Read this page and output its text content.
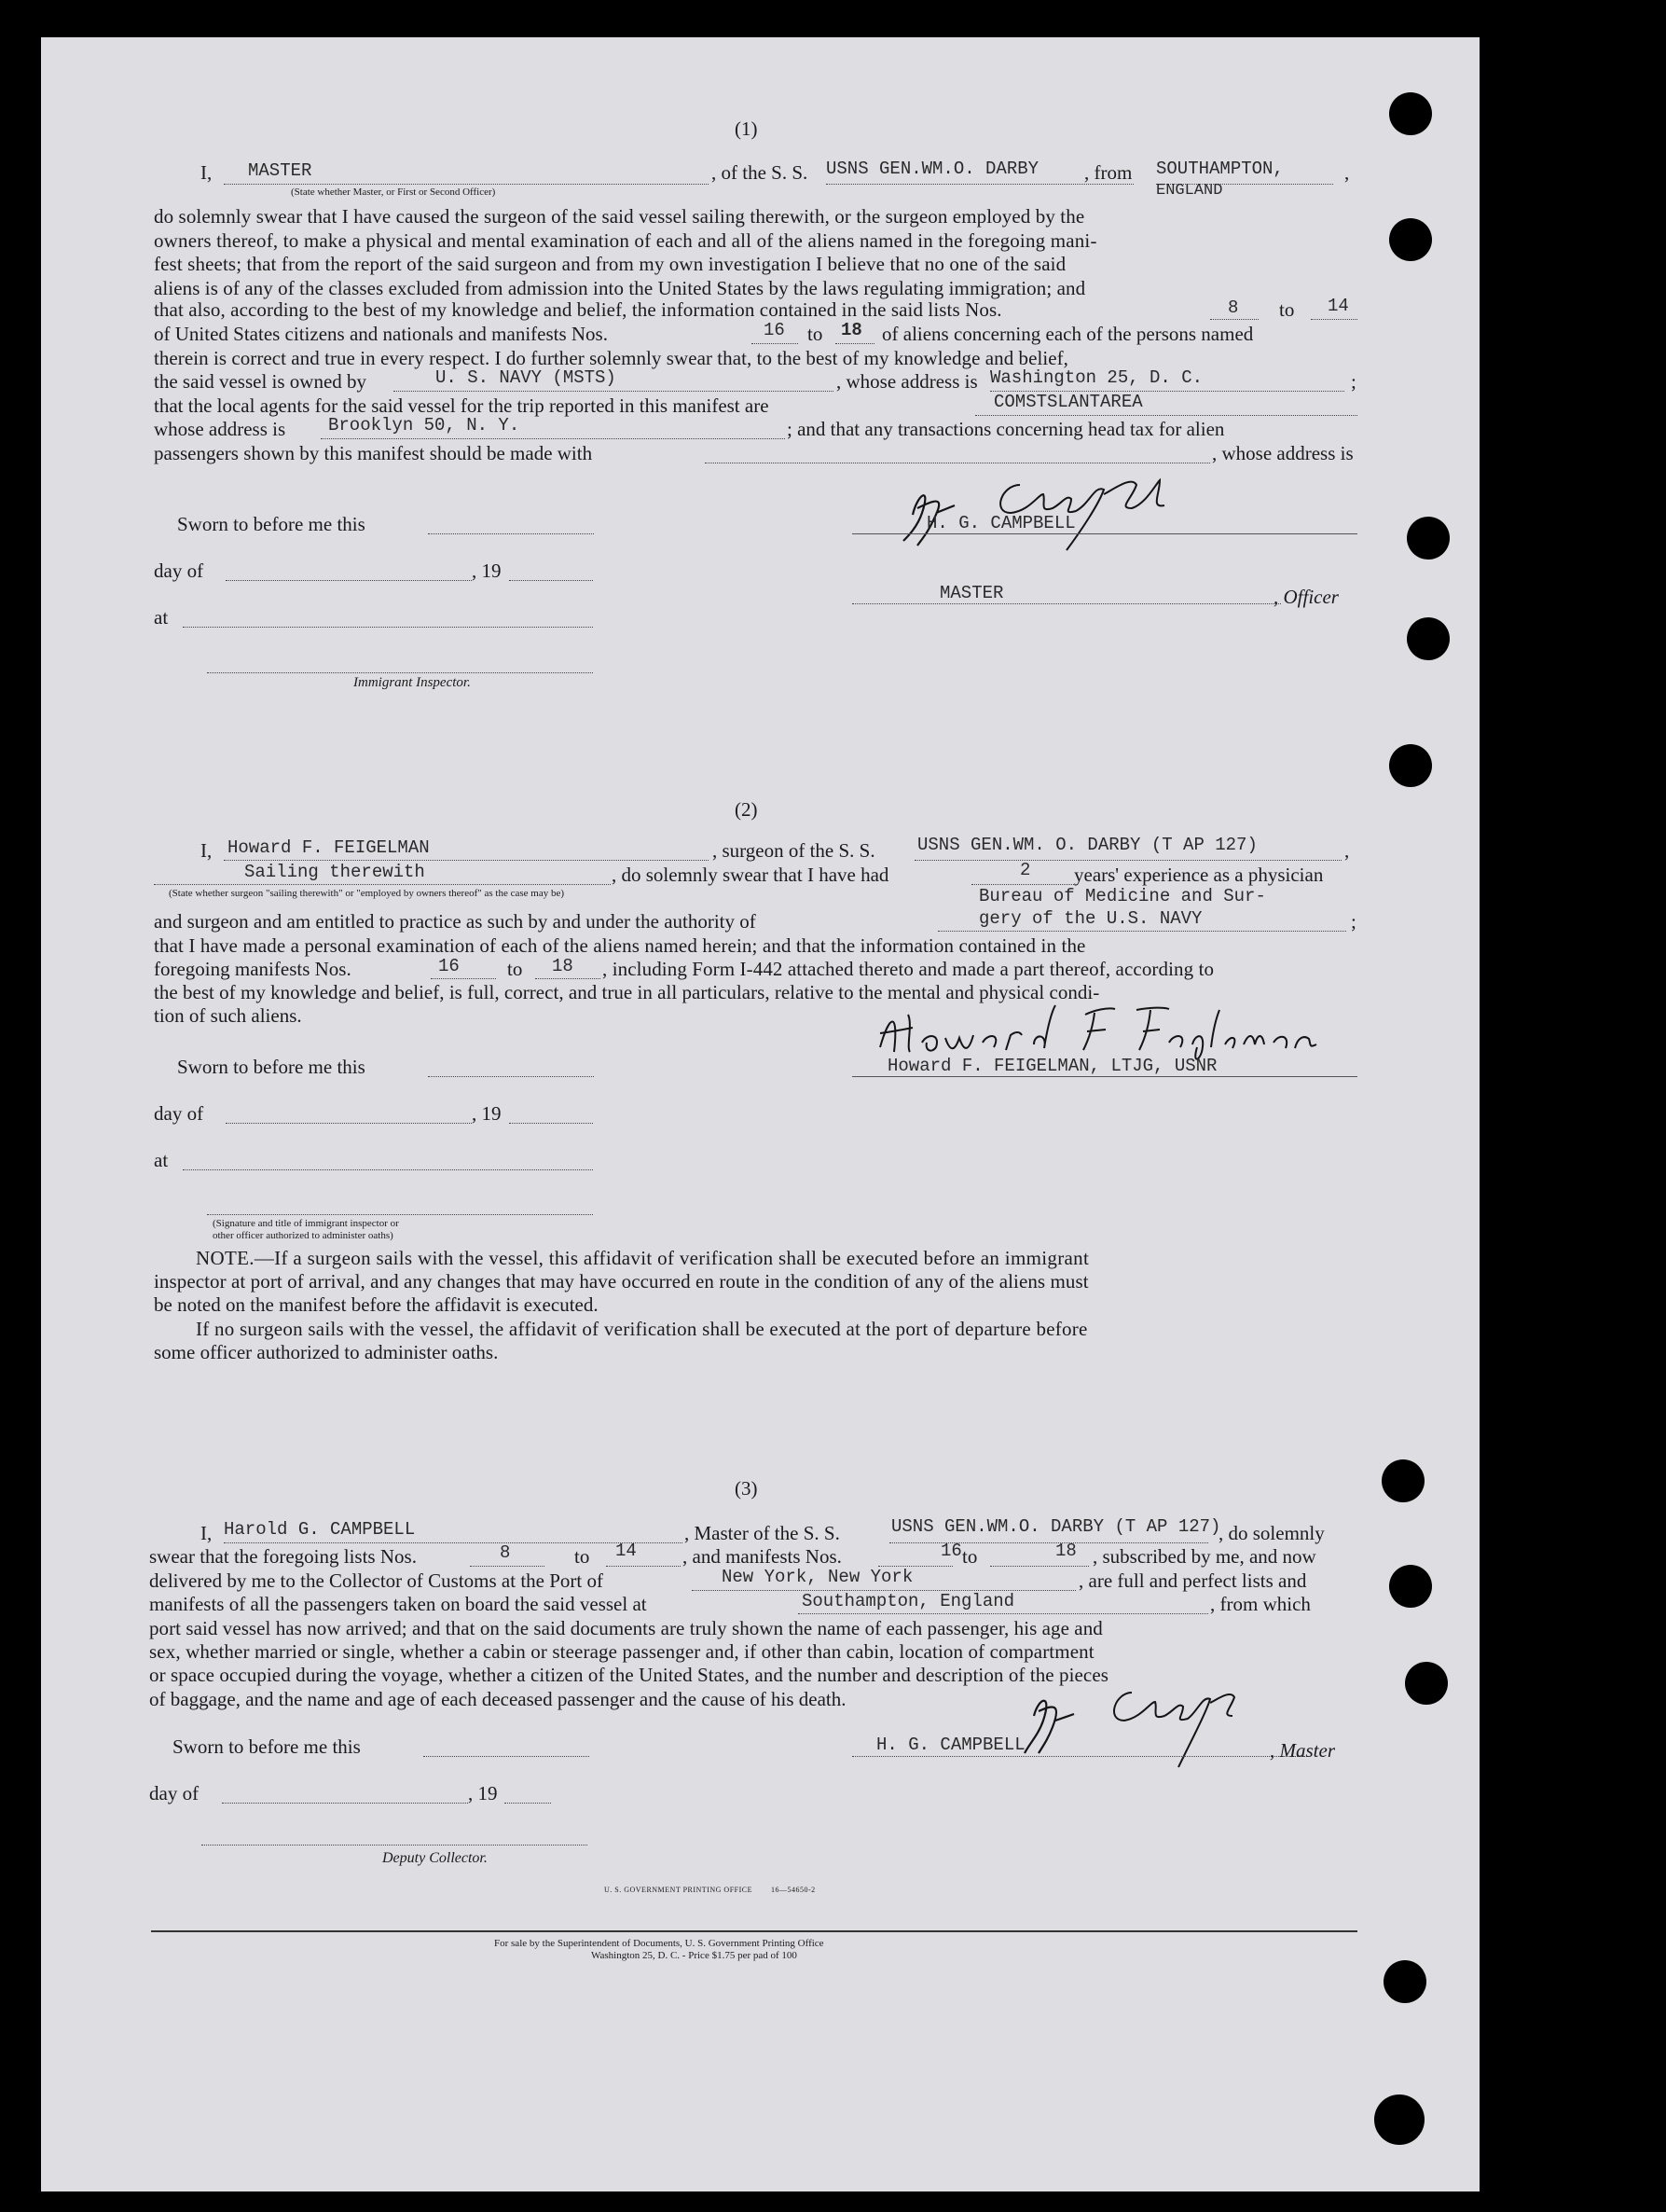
(1)
I, MASTER
(State whether Master, or First or Second Officer)
, of the S. S. USNS GEN.WM.O. DARBY , from SOUTHAMPTON,
ENGLAND
,
do solemnly swear that I have caused the surgeon of the said vessel sailing therewith, or the surgeon employed by the
owners thereof, to make a physical and mental examination of each and all of the aliens named in the foregoing mani-
fest sheets; that from the report of the said surgeon and from my own investigation I believe that no one of the said
aliens is of any of the classes excluded from admission into the United States by the laws regulating immigration; and
that also, according to the best of my knowledge and belief, the information contained in the said lists Nos.	8 to 14
of United States citizens and nationals and manifests Nos.	16 to 18 of aliens concerning each of the persons named
therein is correct and true in every respect. I do further solemnly swear that, to the best of my knowledge and belief,
the said vessel is owned by	U. S. NAVY (MSTS)	, whose address is Washington 25, D. C.	;
that the local agents for the said vessel for the trip reported in this manifest are	COMSTSLANTAREA
whose address is Brooklyn 50, N. Y.	; and that any transactions concerning head tax for alien
passengers shown by this manifest should be made with	, whose address is
Sworn to before me this
day of	, 19
at
Immigrant Inspector.
H. G. CAMPBELL
MASTER	, Officer
(2)
I, Howard F. FEIGELMAN	, surgeon of the S. S. USNS GEN.WM. O. DARBY (T AP 127)	,
Sailing therewith	, do solemnly swear that I have had	2 years' experience as a physician
(State whether surgeon "sailing therewith" or "employed by owners thereof" as the case may be)	Bureau of Medicine and Sur-
and surgeon and am entitled to practice as such by and under the authority of	gery of the U.S. NAVY	;
that I have made a personal examination of each of the aliens named herein; and that the information contained in the
foregoing manifests Nos.	16 to 18 , including Form I-442 attached thereto and made a part thereof, according to
the best of my knowledge and belief, is full, correct, and true in all particulars, relative to the mental and physical condi-
tion of such aliens.
Sworn to before me this
day of	, 19
at
(Signature and title of immigrant inspector or
other officer authorized to administer oaths)
Howard F. FEIGELMAN, LTJG, USNR
NOTE.—If a surgeon sails with the vessel, this affidavit of verification shall be executed before an immigrant
inspector at port of arrival, and any changes that may have occurred en route in the condition of any of the aliens must
be noted on the manifest before the affidavit is executed.
If no surgeon sails with the vessel, the affidavit of verification shall be executed at the port of departure before
some officer authorized to administer oaths.
(3)
I, Harold G. CAMPBELL	, Master of the S. S.	USNS GEN.WM.O. DARBY (T AP 127)
, do solemnly
swear that the foregoing lists Nos.	8	to 14 , and manifests Nos.	16 to	18 , subscribed by me, and now
delivered by me to the Collector of Customs at the Port of	New York, New York	, are full and perfect lists and
manifests of all the passengers taken on board the said vessel at	Southampton, England	, from which
port said vessel has now arrived; and that on the said documents are truly shown the name of each passenger, his age and
sex, whether married or single, whether a cabin or steerage passenger and, if other than cabin, location of compartment
or space occupied during the voyage, whether a citizen of the United States, and the number and description of the pieces
of baggage, and the name and age of each deceased passenger and the cause of his death.
Sworn to before me this	H. G. CAMPBELL	, Master
day of	, 19
Deputy Collector.
U. S. GOVERNMENT PRINTING OFFICE        16—54650-2
For sale by the Superintendent of Documents, U. S. Government Printing Office
Washington 25, D. C. - Price $1.75 per pad of 100
